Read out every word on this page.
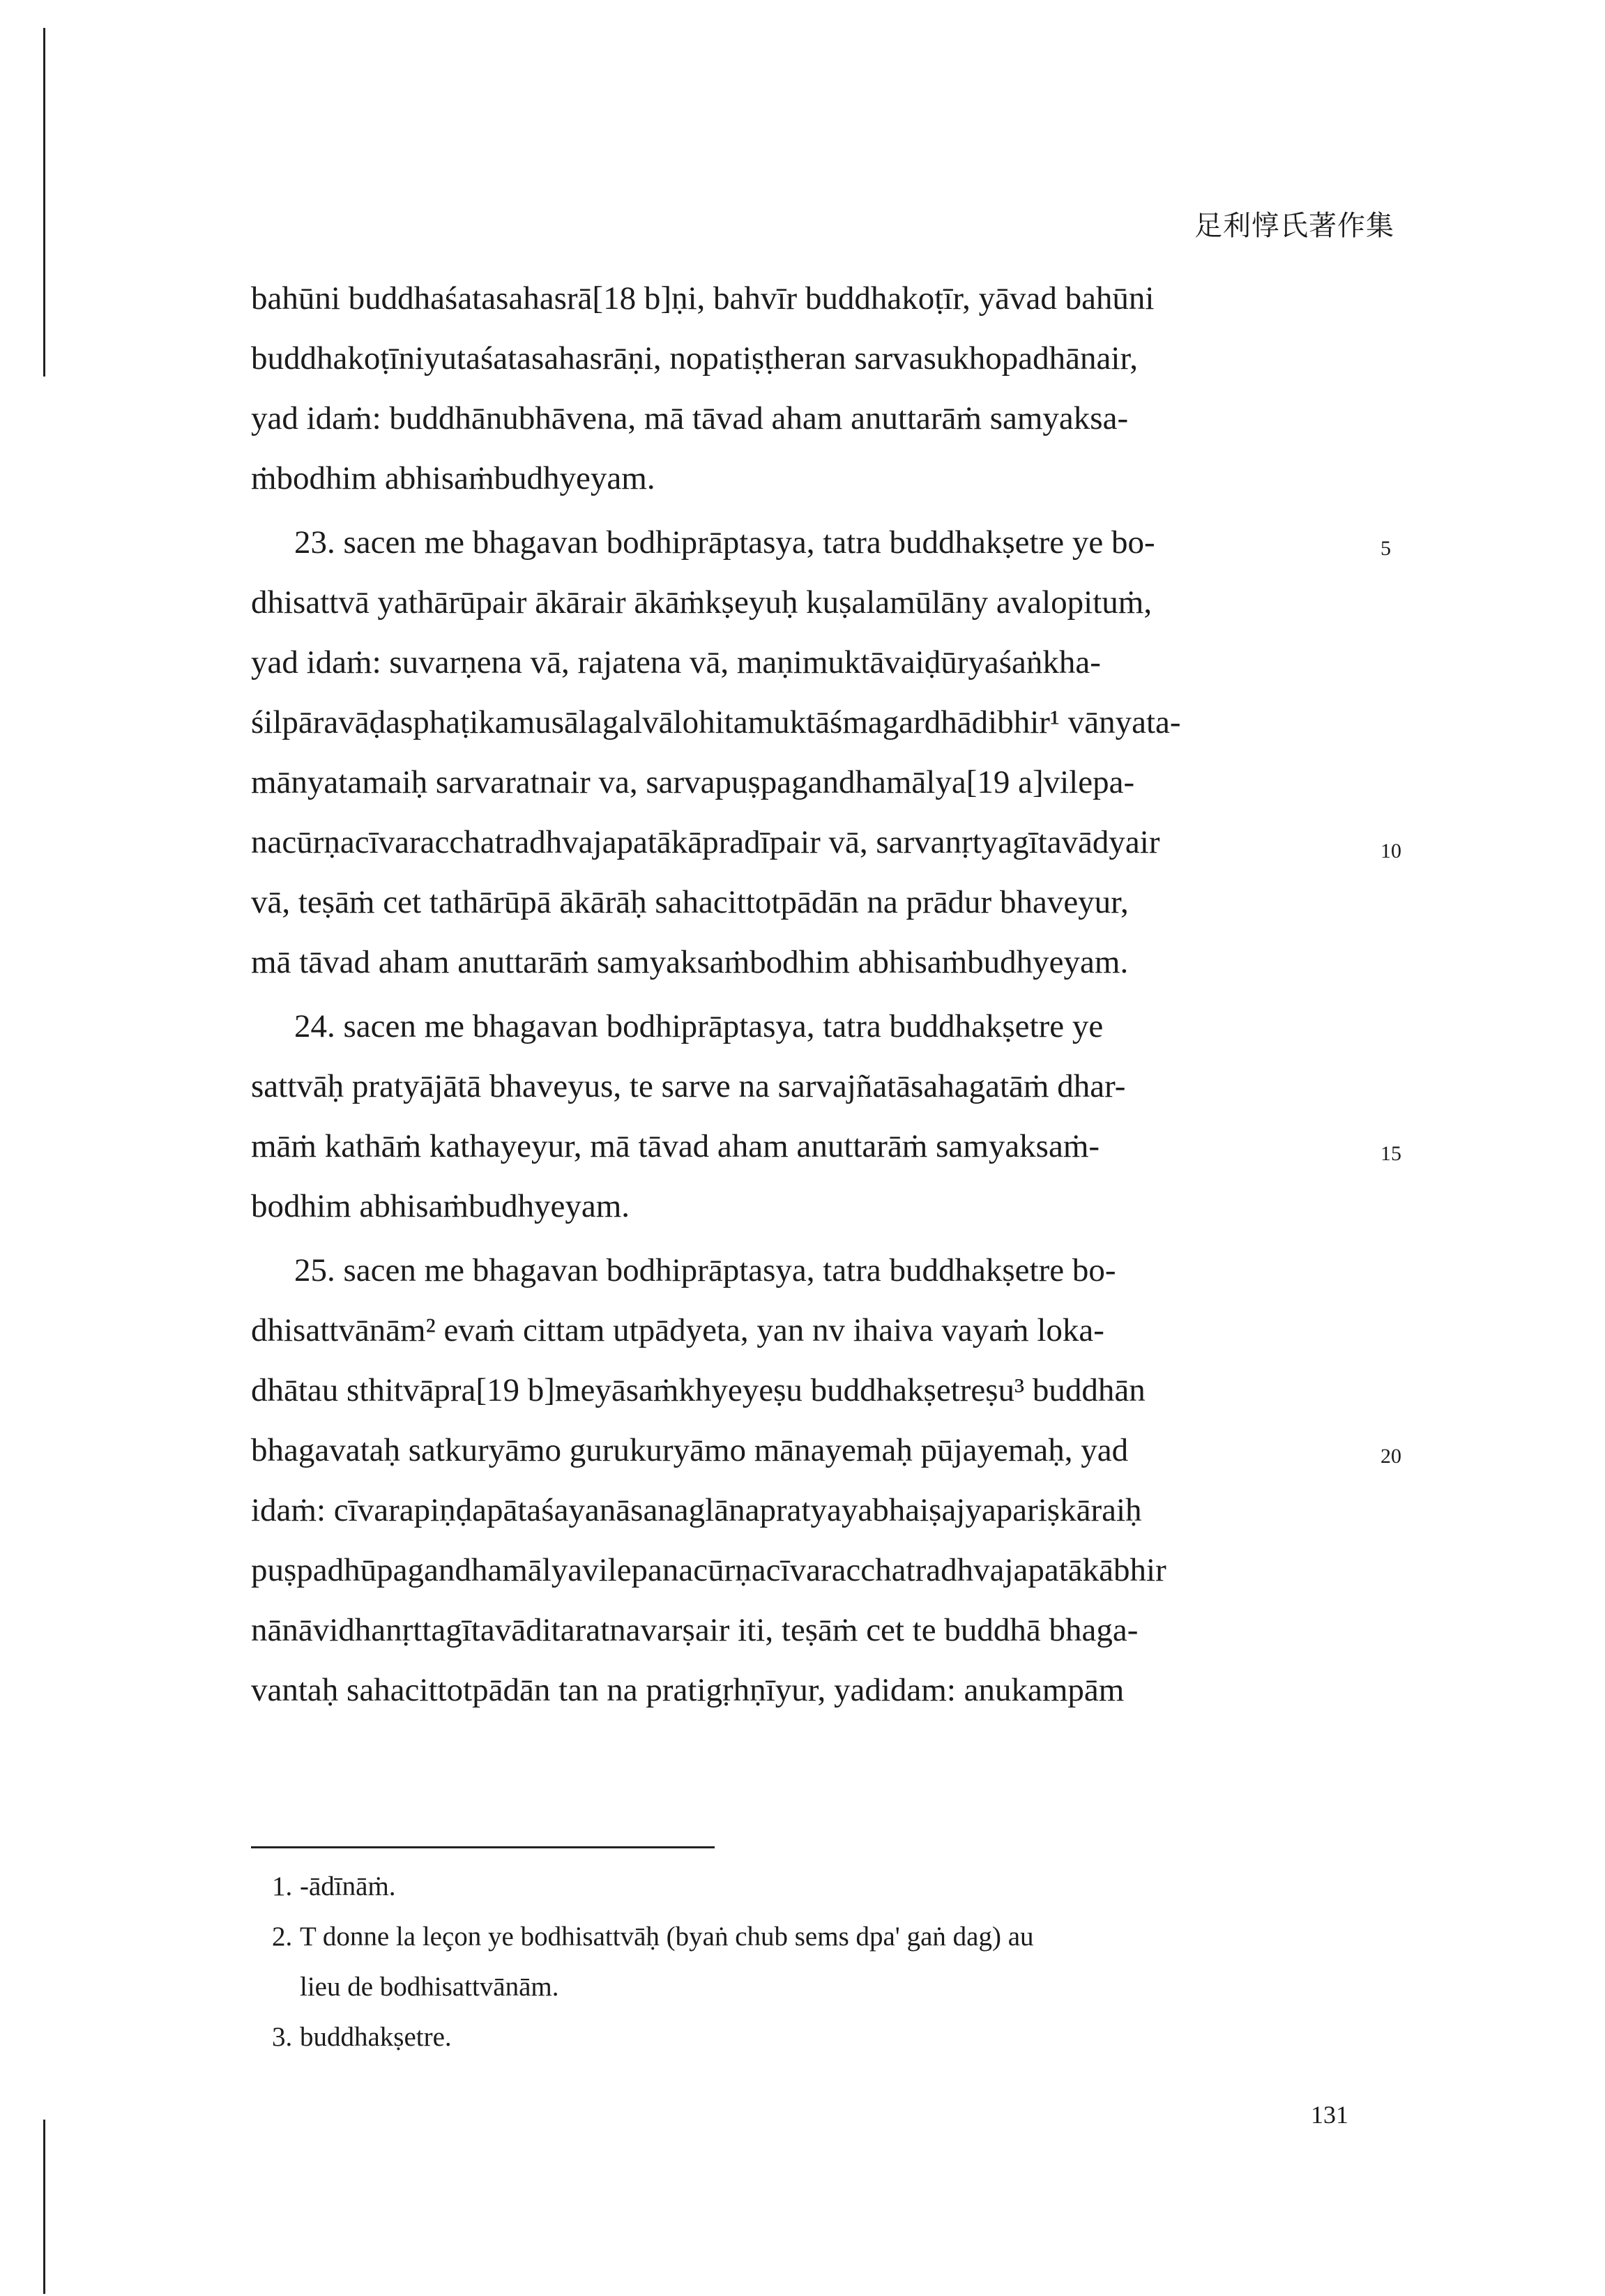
足利惇氏著作集
bahūni buddhaśatasahasrā[18 b]ṇi, bahvīr buddhakoṭīr, yāvad bahūni
buddhakoṭīniyutaśatasahasrāṇi, nopatiṣṭheran sarvasukhopadhānair,
yad idaṁ: buddhānubhāvena, mā tāvad aham anuttarāṁ samyaksa-
ṁbodhim abhisaṁbudhyeyam.
23. sacen me bhagavan bodhiprāptasya, tatra buddhakṣetre ye bo-
dhisattvā yathārūpair ākārair ākāṁkṣeyuḥ kuṣalamūlāny avalopituṁ,
yad idaṁ: suvarṇena vā, rajatena vā, maṇimuktāvaiḍūryaśaṅkha-
śilpāravāḍasphaṭikamusālagalvālohitamuktāśmagardhādibhir¹ vānyata-
mānyatamaiḥ sarvaratnair va, sarvapuṣpagandhamālya[19 a]vilepa-
nacūrṇacīvaracchatradhvajapatākāpradīpair vā, sarvanṛtyagītavādyair
vā, teṣāṁ cet tathārūpā ākārāḥ sahacittotpādān na prādur bhaveyur,
mā tāvad aham anuttarāṁ samyaksaṁbodhim abhisaṁbudhyeyam.
24. sacen me bhagavan bodhiprāptasya, tatra buddhakṣetre ye
sattvāḥ pratyājātā bhaveyus, te sarve na sarvajñatāsahagatāṁ dhar-
māṁ kathāṁ kathayeyur, mā tāvad aham anuttarāṁ samyaksaṁ-
bodhim abhisaṁbudhyeyam.
25. sacen me bhagavan bodhiprāptasya, tatra buddhakṣetre bo-
dhisattvānām² evaṁ cittam utpādyeta, yan nv ihaiva vayaṁ loka-
dhātau sthitvāpra[19 b]meyāsaṁkhyeyeṣu buddhakṣetreṣu³ buddhān
bhagavataḥ satkuryāmo gurukuryāmo mānayemaḥ pūjayemaḥ, yad
idaṁ: cīvarapiṇḍapātaśayanāsanaglānapratyayabhaiṣajyapariṣkāraiḥ
puṣpadhūpagandhamālyavilepanacūrṇacīvaracchatradhvajapatākābhir
nānāvidhanṛttagītavāditaratnavarṣair iti, teṣāṁ cet te buddhā bhaga-
vantaḥ sahacittotpādān tan na pratigṛhṇīyur, yadidam: anukampām
5
10
15
20
1. -ādīnāṁ.
2. T donne la leçon ye bodhisattvāḥ (byaṅ chub sems dpa' gaṅ dag) au
lieu de bodhisattvānām.
3. buddhakṣetre.
131
